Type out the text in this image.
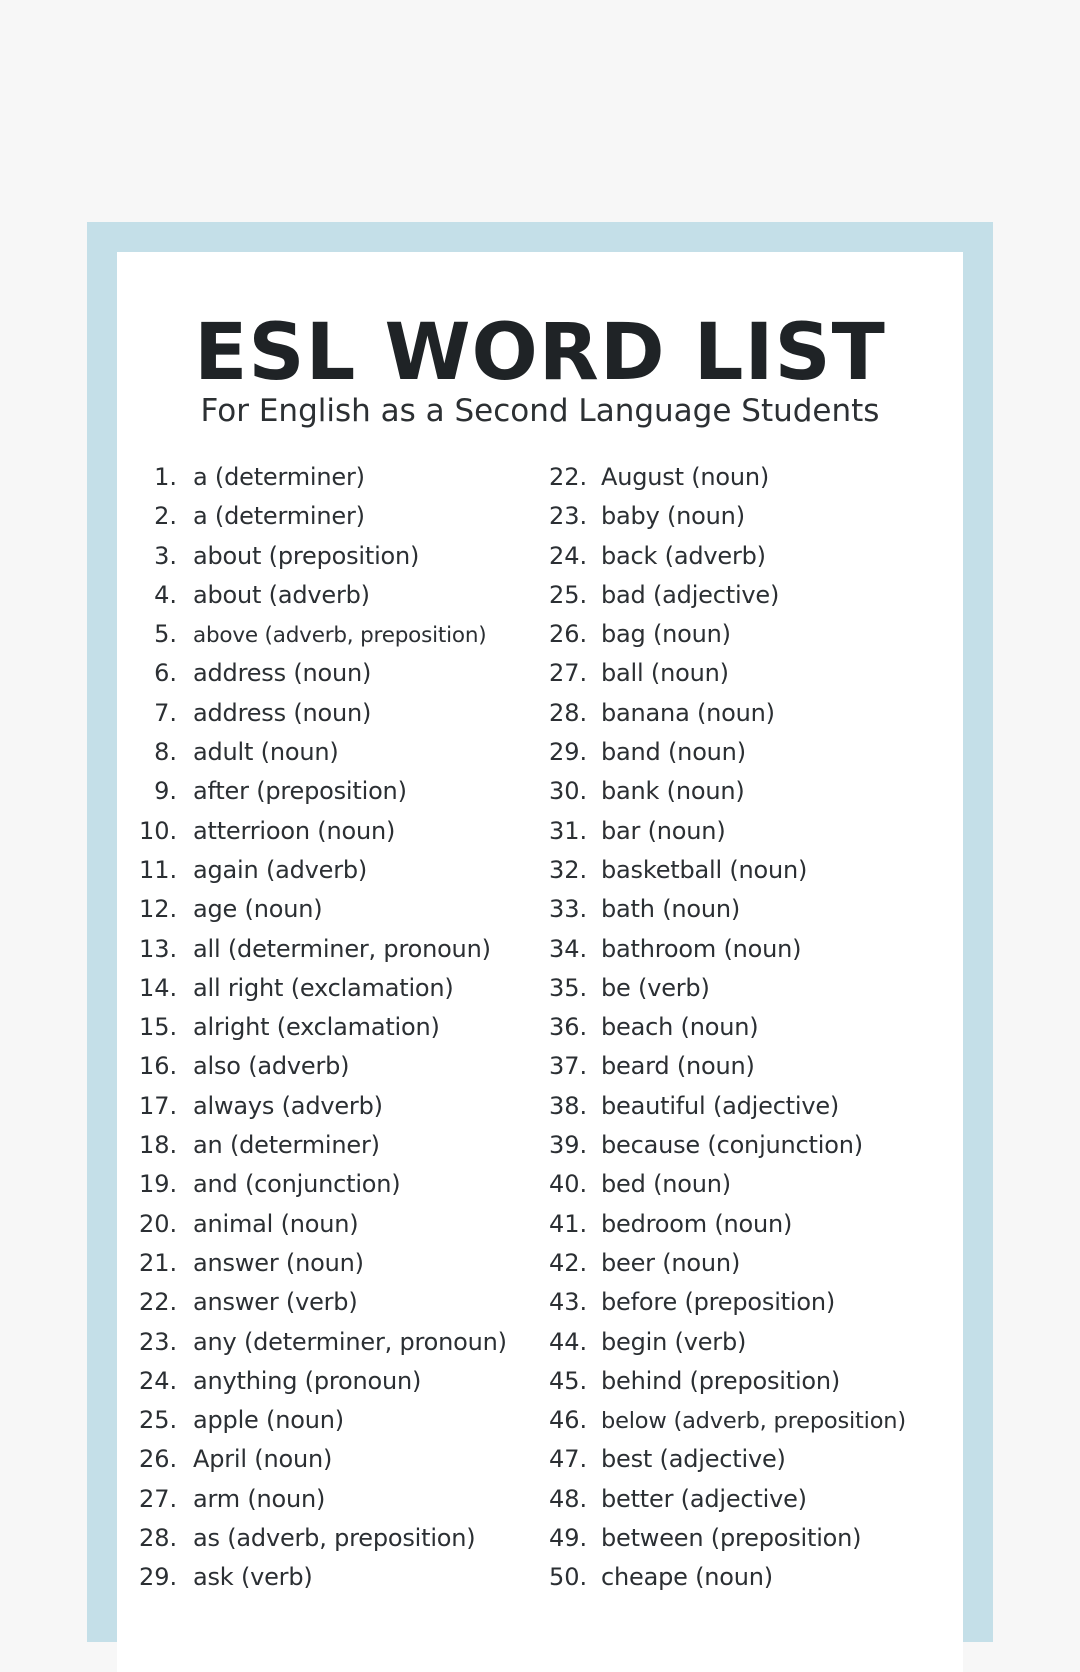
ESL WORD LIST

For English as a Second Language Students

1. a (determiner)
2. a (determiner)
3. about (preposition)
4. about (adverb)
5. above (adverb, preposition)
6. address (noun)
7. address (noun)
8. adult (noun)
9. after (preposition)
10. atterrioon (noun)
11. again (adverb)
12. age (noun)
13. all (determiner, pronoun)
14. all right (exclamation)
15. alright (exclamation)
16. also (adverb)
17. always (adverb)
18. an (determiner)
19. and (conjunction)
20. animal (noun)
21. answer (noun)
22. answer (verb)
23. any (determiner, pronoun)
24. anything (pronoun)
25. apple (noun)
26. April (noun)
27. arm (noun)
28. as (adverb, preposition)
29. ask (verb)
22. August (noun)
23. baby (noun)
24. back (adverb)
25. bad (adjective)
26. bag (noun)
27. ball (noun)
28. banana (noun)
29. band (noun)
30. bank (noun)
31. bar (noun)
32. basketball (noun)
33. bath (noun)
34. bathroom (noun)
35. be (verb)
36. beach (noun)
37. beard (noun)
38. beautiful (adjective)
39. because (conjunction)
40. bed (noun)
41. bedroom (noun)
42. beer (noun)
43. before (preposition)
44. begin (verb)
45. behind (preposition)
46. below (adverb, preposition)
47. best (adjective)
48. better (adjective)
49. between (preposition)
50. cheape (noun)
